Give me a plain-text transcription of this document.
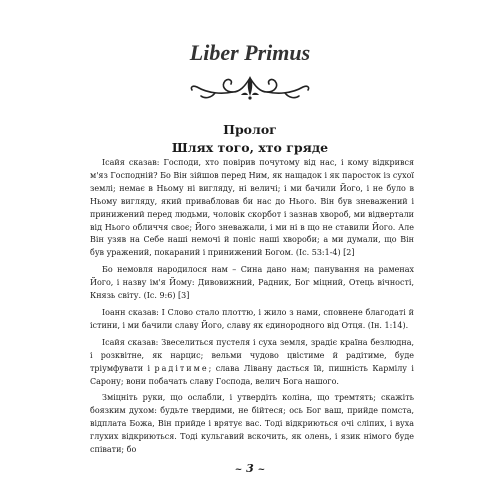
Liber Primus
Пролог
Шлях того, хто гряде

Ісайя сказав: Господи, хто повірив почутому від нас, і кому відкрився м'яз Господній? Бо Він зійшов перед Ним, як нащадок і як паросток із сухої землі; немає в Ньому ні вигляду, ні величі; і ми бачили Його, і не було в Ньому вигляду, який привабловав би нас до Нього. Він був зневажений і принижений перед людьми, чоловік скорбот і зазнав хвороб, ми відвертали від Нього обличчя своє; Його зневажали, і ми ні в що не ставили Його. Але Він узяв на Себе наші немочі й поніс наші хвороби; а ми думали, що Він був уражений, покараний і принижений Богом. (Іс. 53:1-4) [2]

Бо немовля народилося нам – Сина дано нам; панування на раменах Його, і назву ім'я Йому: Дивовижний, Радник, Бог міцний, Отець вічності, Князь світу. (Іс. 9:6) [3]

Іоанн сказав: І Слово стало плоттю, і жило з нами, сповнене благодаті й істини, і ми бачили славу Його, славу як єдинородного від Отця. (Ін. 1:14).

Ісайя сказав: Звеселиться пустеля і суха земля, зрадіє країна безлюдна, і розквітне, як нарцис; вельми чудово цвістиме й радітиме, буде тріумфувати і радітиме; слава Лівану дасться їй, пишність Кармілу і Сарону; вони побачать славу Господа, велич Бога нашого.

Зміцніть руки, що ослабли, і утвердіть коліна, що тремтять; скажіть боязким духом: будьте твердими, не бійтеся; ось Бог ваш, прийде помста, відплата Божа, Він прийде і врятує вас. Тоді відкриються очі сліпих, і вуха глухих відкриються. Тоді кульгавий вскочить, як олень, і язик німого буде співати; бо

~ 3 ~
